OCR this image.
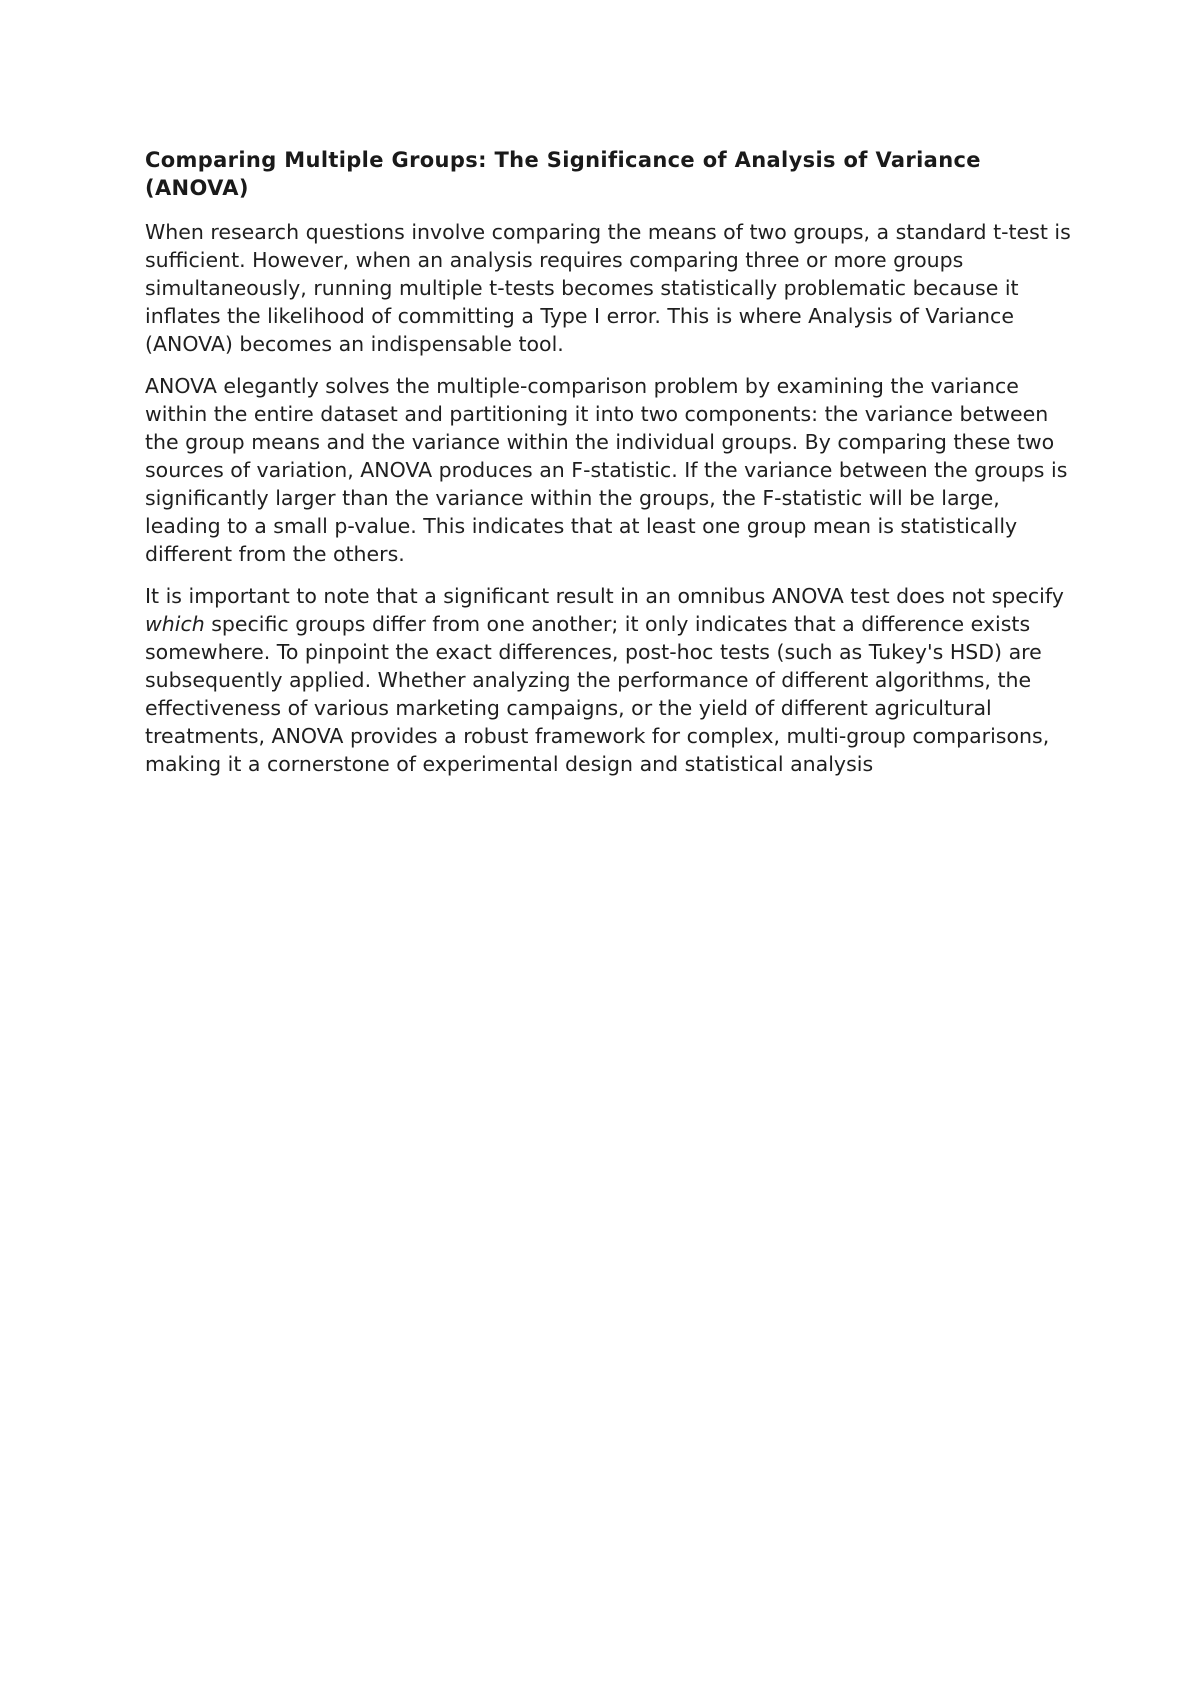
Comparing Multiple Groups: The Significance of Analysis of Variance (ANOVA)

When research questions involve comparing the means of two groups, a standard t-test is sufficient. However, when an analysis requires comparing three or more groups simultaneously, running multiple t-tests becomes statistically problematic because it inflates the likelihood of committing a Type I error. This is where Analysis of Variance (ANOVA) becomes an indispensable tool.

ANOVA elegantly solves the multiple-comparison problem by examining the variance within the entire dataset and partitioning it into two components: the variance between the group means and the variance within the individual groups. By comparing these two sources of variation, ANOVA produces an F-statistic. If the variance between the groups is significantly larger than the variance within the groups, the F-statistic will be large, leading to a small p-value. This indicates that at least one group mean is statistically different from the others.

It is important to note that a significant result in an omnibus ANOVA test does not specify which specific groups differ from one another; it only indicates that a difference exists somewhere. To pinpoint the exact differences, post-hoc tests (such as Tukey's HSD) are subsequently applied. Whether analyzing the performance of different algorithms, the effectiveness of various marketing campaigns, or the yield of different agricultural treatments, ANOVA provides a robust framework for complex, multi-group comparisons, making it a cornerstone of experimental design and statistical analysis
